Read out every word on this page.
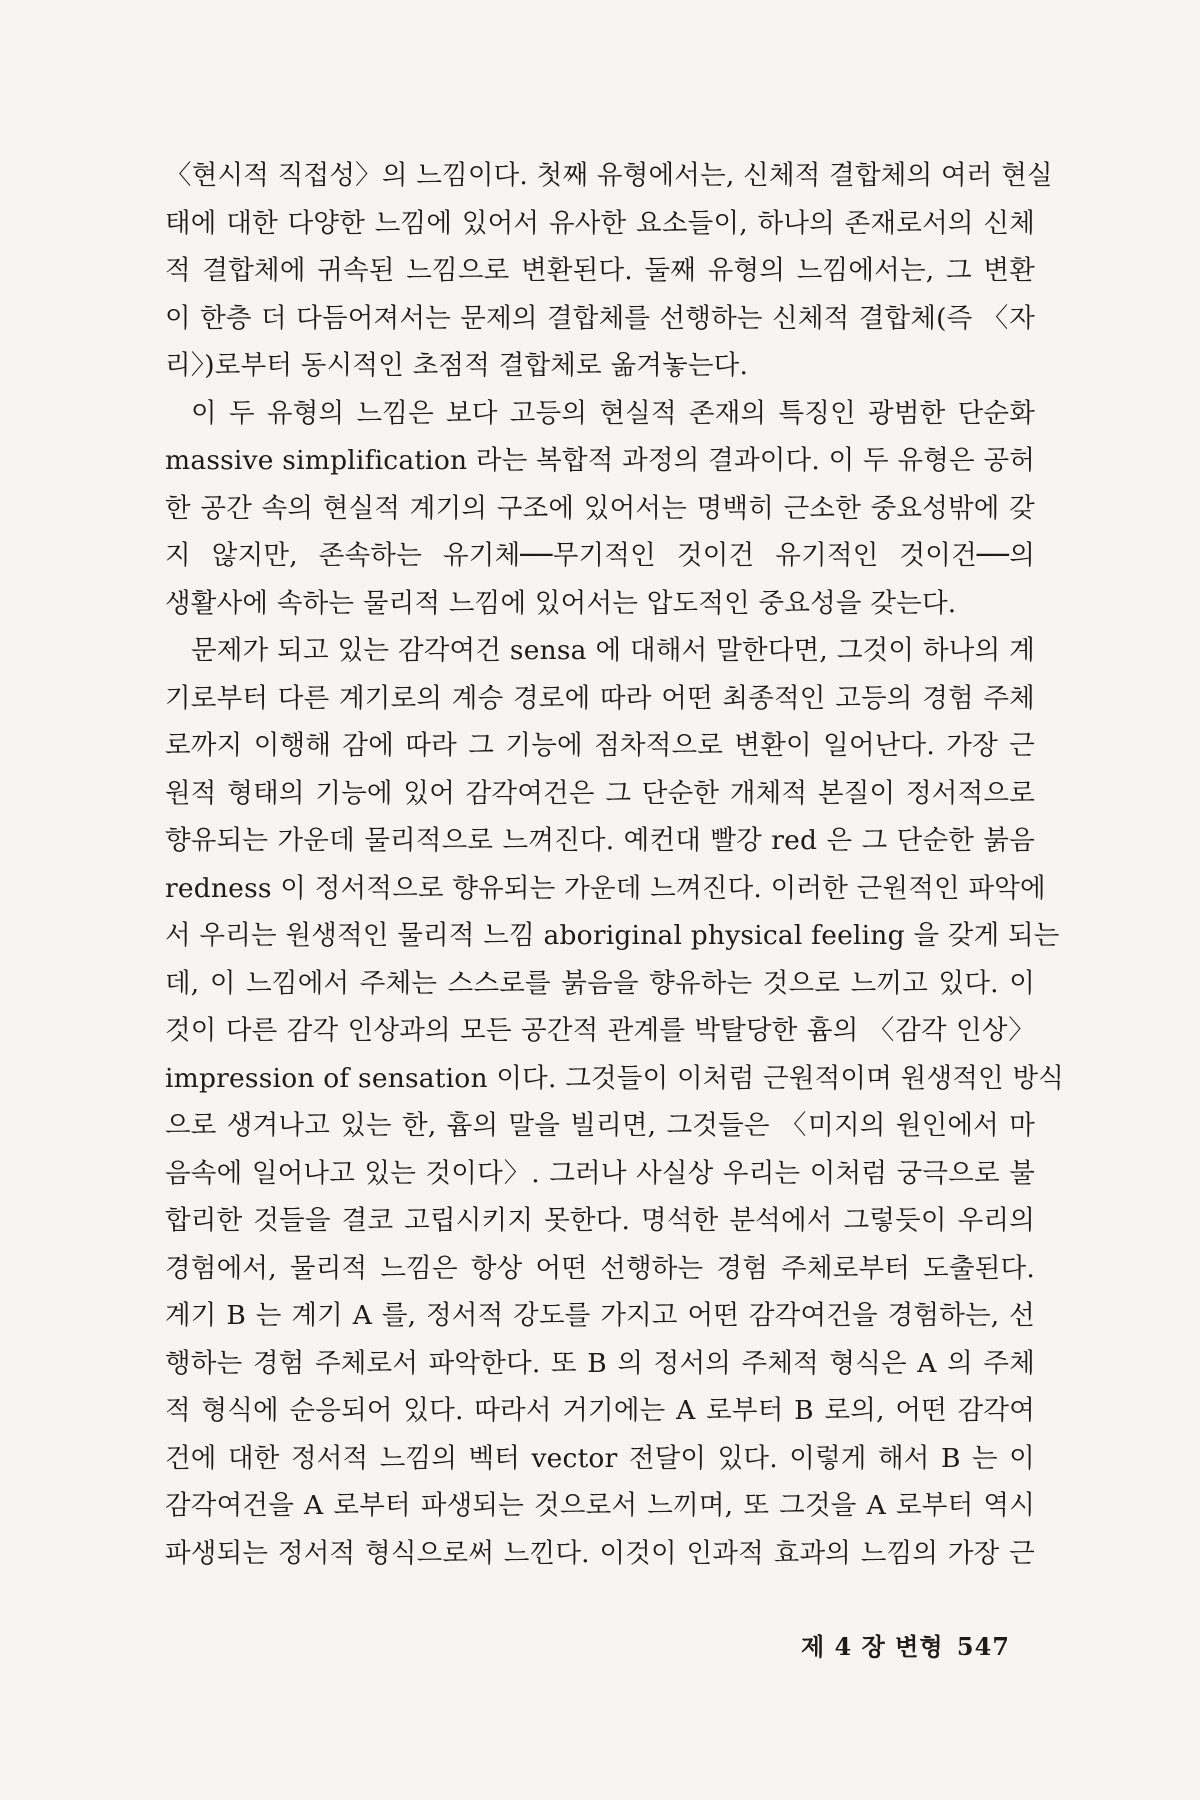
〈현시적 직접성〉의 느낌이다. 첫째 유형에서는, 신체적 결합체의 여러 현실
태에 대한 다양한 느낌에 있어서 유사한 요소들이, 하나의 존재로서의 신체
적 결합체에 귀속된 느낌으로 변환된다. 둘째 유형의 느낌에서는, 그 변환
이 한층 더 다듬어져서는 문제의 결합체를 선행하는 신체적 결합체(즉 〈자
리〉)로부터 동시적인 초점적 결합체로 옮겨놓는다.
이 두 유형의 느낌은 보다 고등의 현실적 존재의 특징인 광범한 단순화
massive simplification 라는 복합적 과정의 결과이다. 이 두 유형은 공허
한 공간 속의 현실적 계기의 구조에 있어서는 명백히 근소한 중요성밖에 갖
지 않지만, 존속하는 유기체──무기적인 것이건 유기적인 것이건──의
생활사에 속하는 물리적 느낌에 있어서는 압도적인 중요성을 갖는다.
문제가 되고 있는 감각여건 sensa 에 대해서 말한다면, 그것이 하나의 계
기로부터 다른 계기로의 계승 경로에 따라 어떤 최종적인 고등의 경험 주체
로까지 이행해 감에 따라 그 기능에 점차적으로 변환이 일어난다. 가장 근
원적 형태의 기능에 있어 감각여건은 그 단순한 개체적 본질이 정서적으로
향유되는 가운데 물리적으로 느껴진다. 예컨대 빨강 red 은 그 단순한 붉음
redness 이 정서적으로 향유되는 가운데 느껴진다. 이러한 근원적인 파악에
서 우리는 원생적인 물리적 느낌 aboriginal physical feeling 을 갖게 되는
데, 이 느낌에서 주체는 스스로를 붉음을 향유하는 것으로 느끼고 있다. 이
것이 다른 감각 인상과의 모든 공간적 관계를 박탈당한 흄의 〈감각 인상〉
impression of sensation 이다. 그것들이 이처럼 근원적이며 원생적인 방식
으로 생겨나고 있는 한, 흄의 말을 빌리면, 그것들은 〈미지의 원인에서 마
음속에 일어나고 있는 것이다〉. 그러나 사실상 우리는 이처럼 궁극으로 불
합리한 것들을 결코 고립시키지 못한다. 명석한 분석에서 그렇듯이 우리의
경험에서, 물리적 느낌은 항상 어떤 선행하는 경험 주체로부터 도출된다.
계기 B 는 계기 A 를, 정서적 강도를 가지고 어떤 감각여건을 경험하는, 선
행하는 경험 주체로서 파악한다. 또 B 의 정서의 주체적 형식은 A 의 주체
적 형식에 순응되어 있다. 따라서 거기에는 A 로부터 B 로의, 어떤 감각여
건에 대한 정서적 느낌의 벡터 vector 전달이 있다. 이렇게 해서 B 는 이
감각여건을 A 로부터 파생되는 것으로서 느끼며, 또 그것을 A 로부터 역시
파생되는 정서적 형식으로써 느낀다. 이것이 인과적 효과의 느낌의 가장 근
제 4 장 변형 547
